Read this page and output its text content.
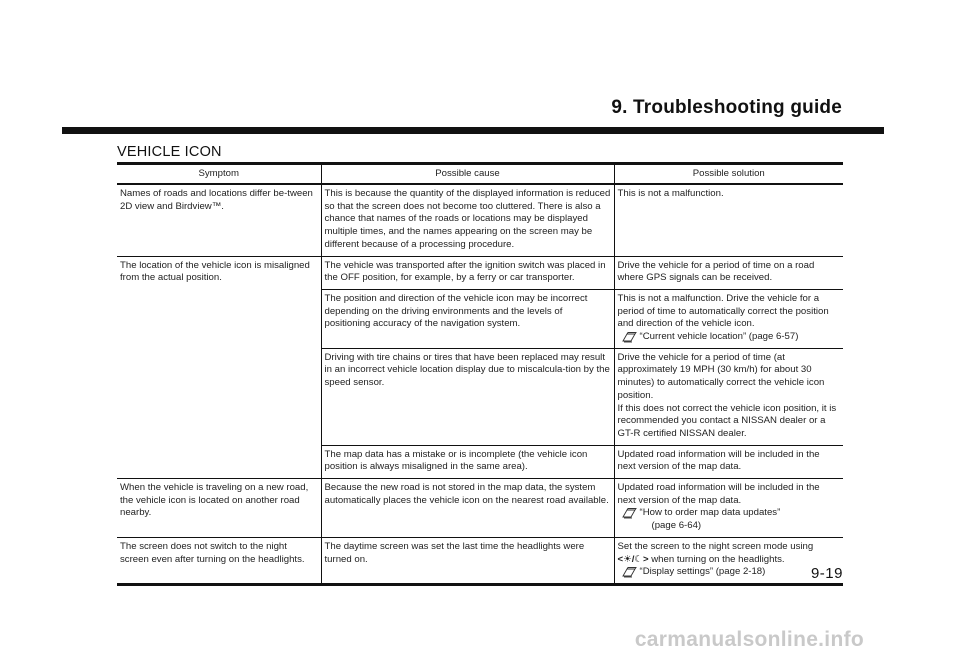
9. Troubleshooting guide
VEHICLE ICON
Symptom	Possible cause	Possible solution
Names of roads and locations differ be-tween 2D view and Birdview™.	This is because the quantity of the displayed information is reduced so that the screen does not become too cluttered. There is also a chance that names of the roads or locations may be displayed multiple times, and the names appearing on the screen may be different because of a processing procedure.	This is not a malfunction.
The location of the vehicle icon is misaligned from the actual position.	The vehicle was transported after the ignition switch was placed in the OFF position, for example, by a ferry or car transporter.	Drive the vehicle for a period of time on a road where GPS signals can be received.
	The position and direction of the vehicle icon may be incorrect depending on the driving environments and the levels of positioning accuracy of the navigation system.	This is not a malfunction. Drive the vehicle for a period of time to automatically correct the position and direction of the vehicle icon.
“Current vehicle location” (page 6-57)

	Driving with tire chains or tires that have been replaced may result in an incorrect vehicle location display due to miscalcula-tion by the speed sensor.	Drive the vehicle for a period of time (at approximately 19 MPH (30 km/h) for about 30 minutes) to automatically correct the vehicle icon position.
If this does not correct the vehicle icon position, it is recommended you contact a NISSAN dealer or a GT-R certified NISSAN dealer.

	The map data has a mistake or is incomplete (the vehicle icon position is always misaligned in the same area).	Updated road information will be included in the next version of the map data.
When the vehicle is traveling on a new road, the vehicle icon is located on another road nearby.	Because the new road is not stored in the map data, the system automatically places the vehicle icon on the nearest road available.	Updated road information will be included in the next version of the map data.
“How to order map data updates”
(page 6-64)

The screen does not switch to the night screen even after turning on the headlights.	The daytime screen was set the last time the headlights were turned on.	Set the screen to the night screen mode using
<☀/☾> when turning on the headlights.
“Display settings” (page 2-18)	9-19
carmanualsonline.info
